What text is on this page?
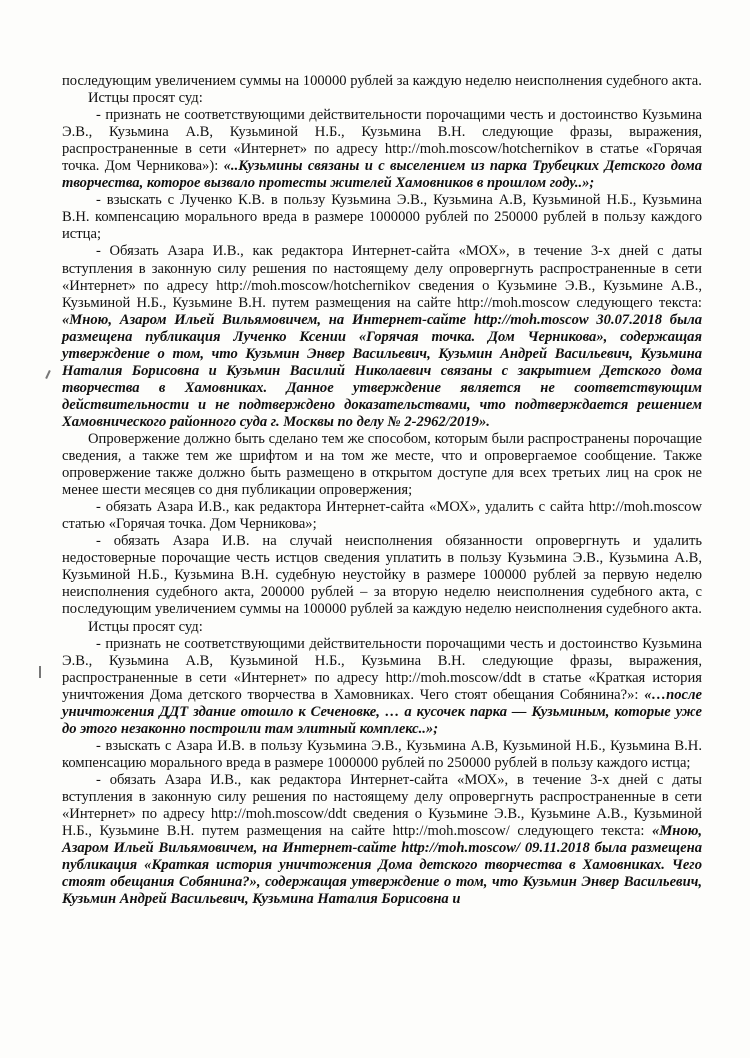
последующим увеличением суммы на 100000 рублей за каждую неделю неисполнения судебного акта.

Истцы просят суд:

- признать не соответствующими действительности порочащими честь и достоинство Кузьмина Э.В., Кузьмина А.В, Кузьминой Н.Б., Кузьмина В.Н. следующие фразы, выражения, распространенные в сети «Интернет» по адресу http://moh.moscow/hotchernikov в статье «Горячая точка. Дом Черникова»): «..Кузьмины связаны и с выселением из парка Трубецких Детского дома творчества, которое вызвало протесты жителей Хамовников в прошлом году..»;

- взыскать с Лученко К.В. в пользу Кузьмина Э.В., Кузьмина А.В, Кузьминой Н.Б., Кузьмина В.Н. компенсацию морального вреда в размере 1000000 рублей по 250000 рублей в пользу каждого истца;

- Обязать Азара И.В., как редактора Интернет-сайта «МОХ», в течение 3-х дней с даты вступления в законную силу решения по настоящему делу опровергнуть распространенные в сети «Интернет» по адресу http://moh.moscow/hotchernikov сведения о Кузьмине Э.В., Кузьмине А.В., Кузьминой Н.Б., Кузьмине В.Н. путем размещения на сайте http://moh.moscow следующего текста: «Мною, Азаром Ильей Вильямовичем, на Интернет-сайте http://moh.moscow 30.07.2018 была размещена публикация Лученко Ксении «Горячая точка. Дом Черникова», содержащая утверждение о том, что Кузьмин Энвер Васильевич, Кузьмин Андрей Васильевич, Кузьмина Наталия Борисовна и Кузьмин Василий Николаевич связаны с закрытием Детского дома творчества в Хамовниках. Данное утверждение является не соответствующим действительности и не подтверждено доказательствами, что подтверждается решением Хамовнического районного суда г. Москвы по делу № 2-2962/2019».

Опровержение должно быть сделано тем же способом, которым были распространены порочащие сведения, а также тем же шрифтом и на том же месте, что и опровергаемое сообщение. Также опровержение также должно быть размещено в открытом доступе для всех третьих лиц на срок не менее шести месяцев со дня публикации опровержения;

- обязать Азара И.В., как редактора Интернет-сайта «МОХ», удалить с сайта http://moh.moscow статью «Горячая точка. Дом Черникова»;

- обязать Азара И.В. на случай неисполнения обязанности опровергнуть и удалить недостоверные порочащие честь истцов сведения уплатить в пользу Кузьмина Э.В., Кузьмина А.В, Кузьминой Н.Б., Кузьмина В.Н. судебную неустойку в размере 100000 рублей за первую неделю неисполнения судебного акта, 200000 рублей – за вторую неделю неисполнения судебного акта, с последующим увеличением суммы на 100000 рублей за каждую неделю неисполнения судебного акта.

Истцы просят суд:

- признать не соответствующими действительности порочащими честь и достоинство Кузьмина Э.В., Кузьмина А.В, Кузьминой Н.Б., Кузьмина В.Н. следующие фразы, выражения, распространенные в сети «Интернет» по адресу http://moh.moscow/ddt в статье «Краткая история уничтожения Дома детского творчества в Хамовниках. Чего стоят обещания Собянина?»: «…после уничтожения ДДТ здание отошло к Сеченовке, … а кусочек парка — Кузьминым, которые уже до этого незаконно построили там элитный комплекс..»;

- взыскать с Азара И.В. в пользу Кузьмина Э.В., Кузьмина А.В, Кузьминой Н.Б., Кузьмина В.Н. компенсацию морального вреда в размере 1000000 рублей по 250000 рублей в пользу каждого истца;

- обязать Азара И.В., как редактора Интернет-сайта «МОХ», в течение 3-х дней с даты вступления в законную силу решения по настоящему делу опровергнуть распространенные в сети «Интернет» по адресу http://moh.moscow/ddt сведения о Кузьмине Э.В., Кузьмине А.В., Кузьминой Н.Б., Кузьмине В.Н. путем размещения на сайте http://moh.moscow/ следующего текста: «Мною, Азаром Ильей Вильямовичем, на Интернет-сайте http://moh.moscow/ 09.11.2018 была размещена публикация «Краткая история уничтожения Дома детского творчества в Хамовниках. Чего стоят обещания Собянина?», содержащая утверждение о том, что Кузьмин Энвер Васильевич, Кузьмин Андрей Васильевич, Кузьмина Наталия Борисовна и
